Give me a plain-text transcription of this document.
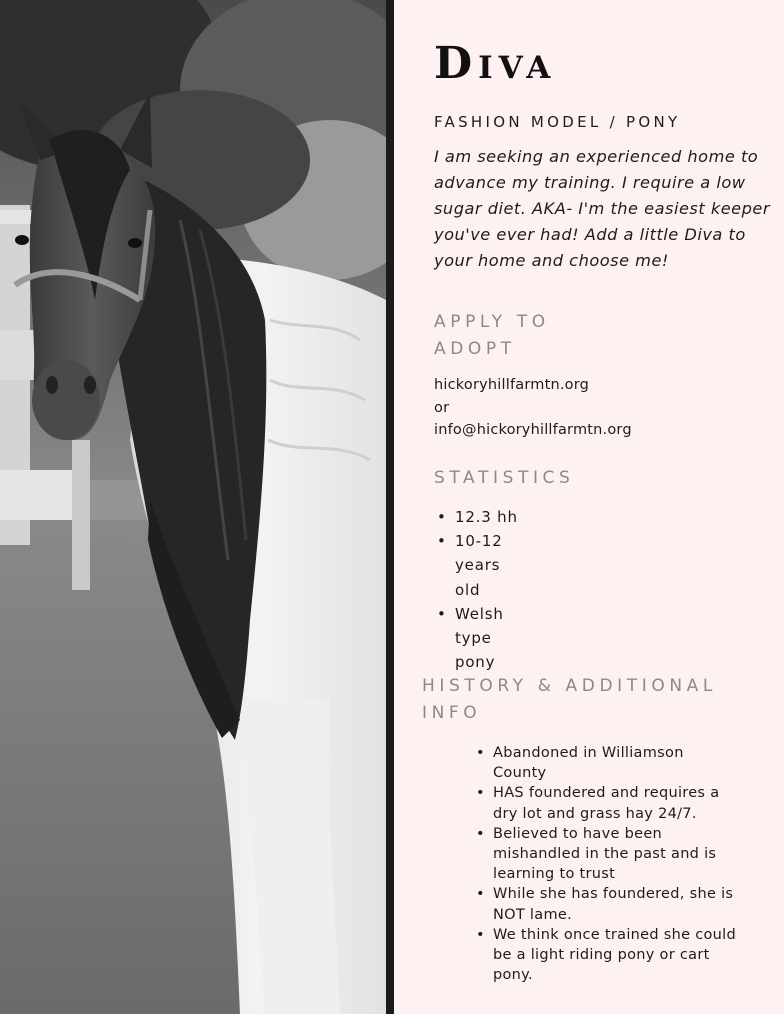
Diva
FASHION MODEL / PONY
I am seeking an experienced home to advance my training. I require a low sugar diet. AKA- I'm the easiest keeper you've ever had! Add a little Diva to your home and choose me!
APPLY TO ADOPT
hickoryhillfarmtn.org
or
info@hickoryhillfarmtn.org
STATISTICS
• 12.3 hh
• 10-12 years old
• Welsh type pony
HISTORY & ADDITIONAL INFO
• Abandoned in Williamson County
• HAS foundered and requires a dry lot and grass hay 24/7.
• Believed to have been mishandled in the past and is learning to trust
• While she has foundered, she is NOT lame.
• We think once trained she could be a light riding pony or cart pony.
